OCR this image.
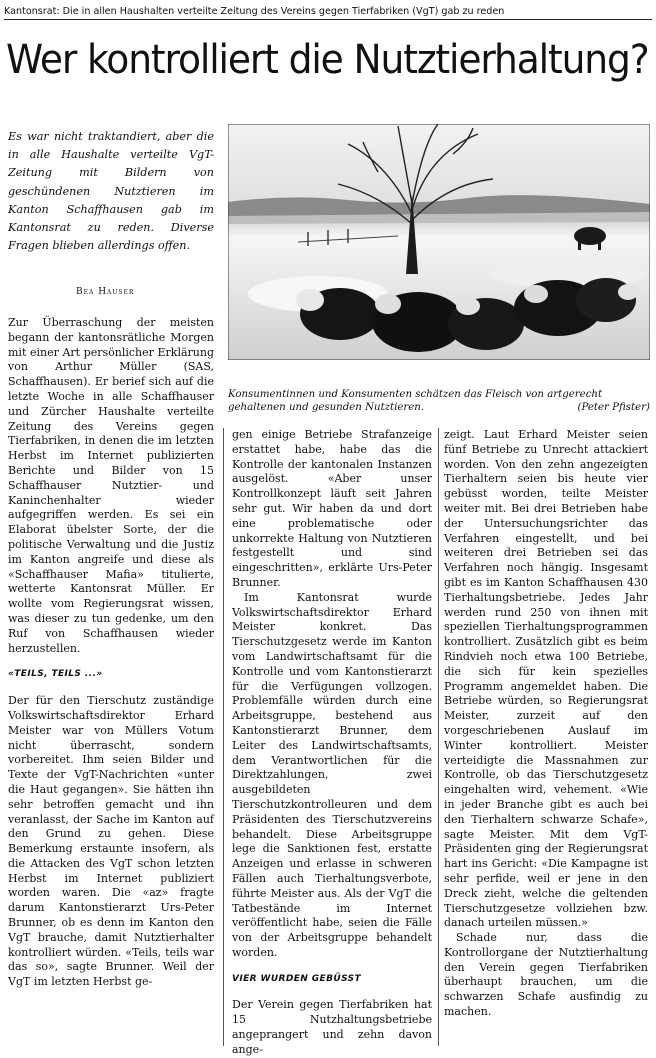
Kantonsrat: Die in allen Haushalten verteilte Zeitung des Vereins gegen Tierfabriken (VgT) gab zu reden
Wer kontrolliert die Nutztierhaltung?
Es war nicht traktandiert, aber die in alle Haushalte verteilte VgT-Zeitung mit Bildern von geschündenen Nutztieren im Kanton Schaffhausen gab im Kantonsrat zu reden. Diverse Fragen blieben allerdings offen.
Bea Hauser
Konsumentinnen und Konsumenten schätzen das Fleisch von artgerecht gehaltenen und gesunden Nutztieren.	(Peter Pfister)

Zur Überraschung der meisten begann der kantonsrätliche Morgen mit einer Art persönlicher Erklärung von Arthur Müller (SAS, Schaffhausen). Er berief sich auf die letzte Woche in alle Schaffhauser und Zürcher Haushalte verteilte Zeitung des Vereins gegen Tierfabriken, in denen die im letzten Herbst im Internet publizierten Berichte und Bilder von 15 Schaffhauser Nutztier- und Kaninchenhalter wieder aufgegriffen werden. Es sei ein Elaborat übelster Sorte, der die politische Verwaltung und die Justiz im Kanton angreife und diese als «Schaffhauser Mafia» titulierte, wetterte Kantonsrat Müller. Er wollte vom Regierungsrat wissen, was dieser zu tun gedenke, um den Ruf von Schaffhausen wieder herzustellen.

«TEILS, TEILS ...»

Der für den Tierschutz zuständige Volkswirtschaftsdirektor Erhard Meister war von Müllers Votum nicht überrascht, sondern vorbereitet. Ihm seien Bilder und Texte der VgT-Nachrichten «unter die Haut gegangen». Sie hätten ihn sehr betroffen gemacht und ihn veranlasst, der Sache im Kanton auf den Grund zu gehen. Diese Bemerkung erstaunte insofern, als die Attacken des VgT schon letzten Herbst im Internet publiziert worden waren. Die «az» fragte darum Kantonstierarzt Urs-Peter Brunner, ob es denn im Kanton den VgT brauche, damit Nutztierhalter kontrolliert würden. «Teils, teils war das so», sagte Brunner. Weil der VgT im letzten Herbst ge-

gen einige Betriebe Strafanzeige erstattet habe, habe das die Kontrolle der kantonalen Instanzen ausgelöst. «Aber unser Kontrollkonzept läuft seit Jahren sehr gut. Wir haben da und dort eine problematische oder unkorrekte Haltung von Nutztieren festgestellt und sind eingeschritten», erklärte Urs-Peter Brunner.

Im Kantonsrat wurde Volkswirtschaftsdirektor Erhard Meister konkret. Das Tierschutzgesetz werde im Kanton vom Landwirtschaftsamt für die Kontrolle und vom Kantonstierarzt für die Verfügungen vollzogen. Problemfälle würden durch eine Arbeitsgruppe, bestehend aus Kantonstierarzt Brunner, dem Leiter des Landwirtschaftsamts, dem Verantwortlichen für die Direktzahlungen, zwei ausgebildeten Tierschutzkontrolleuren und dem Präsidenten des Tierschutzvereins behandelt. Diese Arbeitsgruppe lege die Sanktionen fest, erstatte Anzeigen und erlasse in schweren Fällen auch Tierhaltungsverbote, führte Meister aus. Als der VgT die Tatbestände im Internet veröffentlicht habe, seien die Fälle von der Arbeitsgruppe behandelt worden.

VIER WURDEN GEBÜSST

Der Verein gegen Tierfabriken hat 15 Nutzhaltungsbetriebe angeprangert und zehn davon ange-

zeigt. Laut Erhard Meister seien fünf Betriebe zu Unrecht attackiert worden. Von den zehn angezeigten Tierhaltern seien bis heute vier gebüsst worden, teilte Meister weiter mit. Bei drei Betrieben habe der Untersuchungsrichter das Verfahren eingestellt, und bei weiteren drei Betrieben sei das Verfahren noch hängig. Insgesamt gibt es im Kanton Schaffhausen 430 Tierhaltungsbetriebe. Jedes Jahr werden rund 250 von ihnen mit speziellen Tierhaltungsprogrammen kontrolliert. Zusätzlich gibt es beim Rindvieh noch etwa 100 Betriebe, die sich für kein spezielles Programm angemeldet haben. Die Betriebe würden, so Regierungsrat Meister, zurzeit auf den vorgeschriebenen Auslauf im Winter kontrolliert. Meister verteidigte die Massnahmen zur Kontrolle, ob das Tierschutzgesetz eingehalten wird, vehement. «Wie in jeder Branche gibt es auch bei den Tierhaltern schwarze Schafe», sagte Meister. Mit dem VgT-Präsidenten ging der Regierungsrat hart ins Gericht: «Die Kampagne ist sehr perfide, weil er jene in den Dreck zieht, welche die geltenden Tierschutzgesetze vollziehen bzw. danach urteilen müssen.»

Schade nur, dass die Kontrollorgane der Nutztierhaltung den Verein gegen Tierfabriken überhaupt brauchen, um die schwarzen Schafe ausfindig zu machen.
